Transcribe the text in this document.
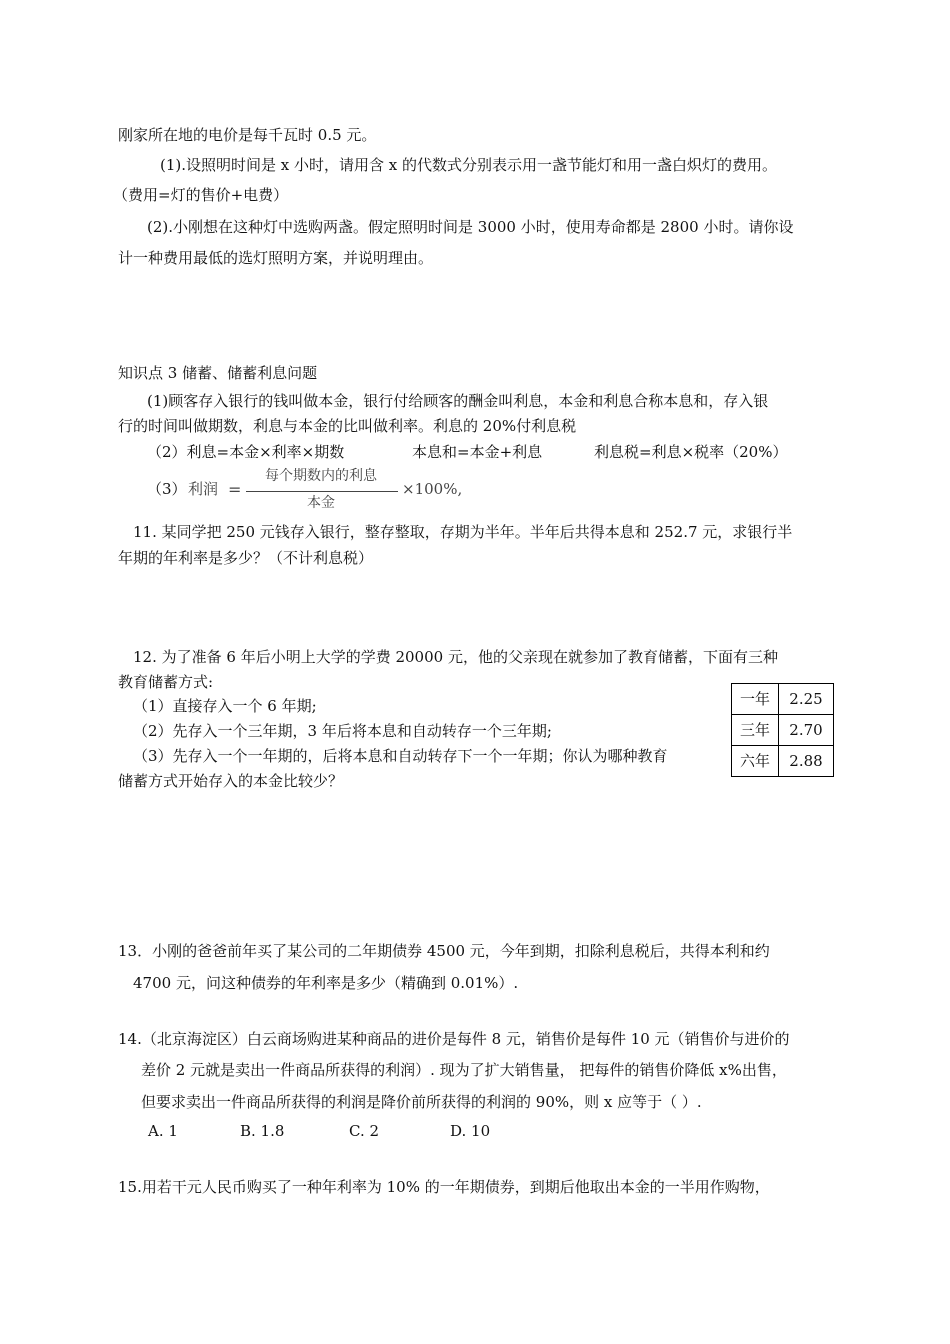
刚家所在地的电价是每千瓦时 0.5 元。
(1).设照明时间是 x 小时，请用含 x 的代数式分别表示用一盏节能灯和用一盏白炽灯的费用。
（费用=灯的售价+电费）
(2).小刚想在这种灯中选购两盏。假定照明时间是 3000 小时，使用寿命都是 2800 小时。请你设
计一种费用最低的选灯照明方案，并说明理由。
知识点 3 储蓄、储蓄利息问题
(1)顾客存入银行的钱叫做本金，银行付给顾客的酬金叫利息，本金和利息合称本息和，存入银
行的时间叫做期数，利息与本金的比叫做利率。利息的 20%付利息税
（2）利息=本金×利率×期数	本息和=本金+利息	利息税=利息×税率（20%）
（3） 利润 =
每个期数内的利息
本金
×100%,
11. 某同学把 250 元钱存入银行，整存整取，存期为半年。半年后共得本息和 252.7 元，求银行半
年期的年利率是多少？（不计利息税）
12. 为了准备 6 年后小明上大学的学费 20000 元，他的父亲现在就参加了教育储蓄，下面有三种
教育储蓄方式:
（1）直接存入一个 6 年期;
（2）先存入一个三年期，3 年后将本息和自动转存一个三年期;
（3）先存入一个一年期的，后将本息和自动转存下一个一年期；你认为哪种教育
储蓄方式开始存入的本金比较少？
一年	2.25
三年	2.70
六年	2.88
13．小刚的爸爸前年买了某公司的二年期债券 4500 元，今年到期，扣除利息税后，共得本利和约
4700 元，问这种债券的年利率是多少（精确到 0.01%）.
14.（北京海淀区）白云商场购进某种商品的进价是每件 8 元，销售价是每件 10 元（销售价与进价的
差价 2 元就是卖出一件商品所获得的利润）. 现为了扩大销售量， 把每件的销售价降低 x%出售，
但要求卖出一件商品所获得的利润是降价前所获得的利润的 90%，则 x 应等于（ ）.
A. 1	B. 1.8	C. 2	D. 10
15.用若干元人民币购买了一种年利率为 10% 的一年期债券，到期后他取出本金的一半用作购物，
